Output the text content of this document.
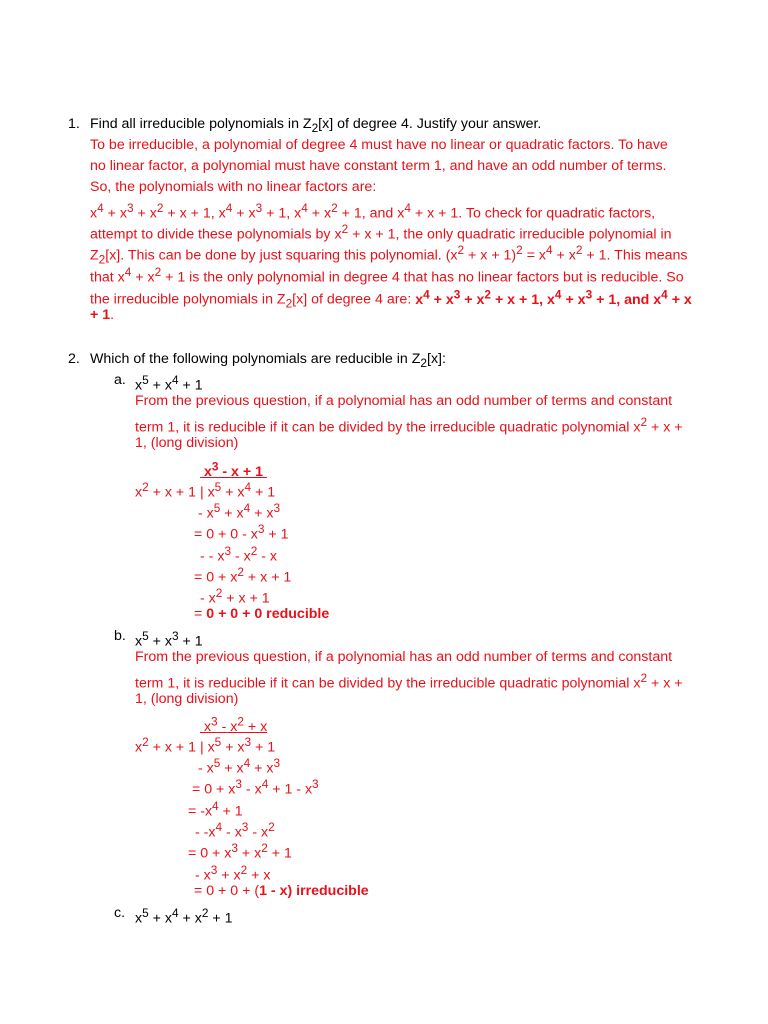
1. Find all irreducible polynomials in $Z_2[x]$ of degree 4. Justify your answer.
To be irreducible, a polynomial of degree 4 must have no linear or quadratic factors. To have
no linear factor, a polynomial must have constant term 1, and have an odd number of terms.
So, the polynomials with no linear factors are:
$x^4 + x^3 + x^2 + x + 1$, $x^4 + x^3 + 1$, $x^4 + x^2 + 1$, and $x^4 + x + 1$. To check for quadratic factors,
attempt to divide these polynomials by $x^2 + x + 1$, the only quadratic irreducible polynomial in
$Z_2[x]$. This can be done by just squaring this polynomial. $(x^2 + x + 1)^2 = x^4 + x^2 + 1$. This means
that $x^4 + x^2 + 1$ is the only polynomial in degree 4 that has no linear factors but is reducible. So
the irreducible polynomials in $Z_2[x]$ of degree 4 are: $x^4 + x^3 + x^2 + x + 1$, $x^4 + x^3 + 1$, and $x^4 + x$
+ 1.
2. Which of the following polynomials are reducible in $Z_2[x]$:
a. $x^5 + x^4 + 1$
From the previous question, if a polynomial has an odd number of terms and constant
term 1, it is reducible if it can be divided by the irreducible quadratic polynomial $x^2 + x$ +
1, (long division)
$x^3 - x + 1$
$x^2 + x + 1$ | $x^5 + x^4 + 1$
- $x^5 + x^4 + x^3$
= $0 + 0 - x^3 + 1$
- - $x^3 - x^2$ - x
= $0 + x^2 + x + 1$
- $x^2 + x + 1$
= 0 + 0 + 0 reducible
b. $x^5 + x^3 + 1$
From the previous question, if a polynomial has an odd number of terms and constant
term 1, it is reducible if it can be divided by the irreducible quadratic polynomial $x^2 + x$ +
1, (long division)
$x^3 - x^2 + x$
$x^2 + x + 1$ | $x^5 + x^3 + 1$
- $x^5 + x^4 + x^3$
= $0 + x^3 - x^4 + 1 - x^3$
= $-x^4 + 1$
- $-x^4 - x^3 - x^2$
= $0 + x^3 + x^2 + 1$
- $x^3 + x^2 + x$
= 0 + 0 + (1 - x) irreducible
c. $x^5 + x^4 + x^2 + 1$
